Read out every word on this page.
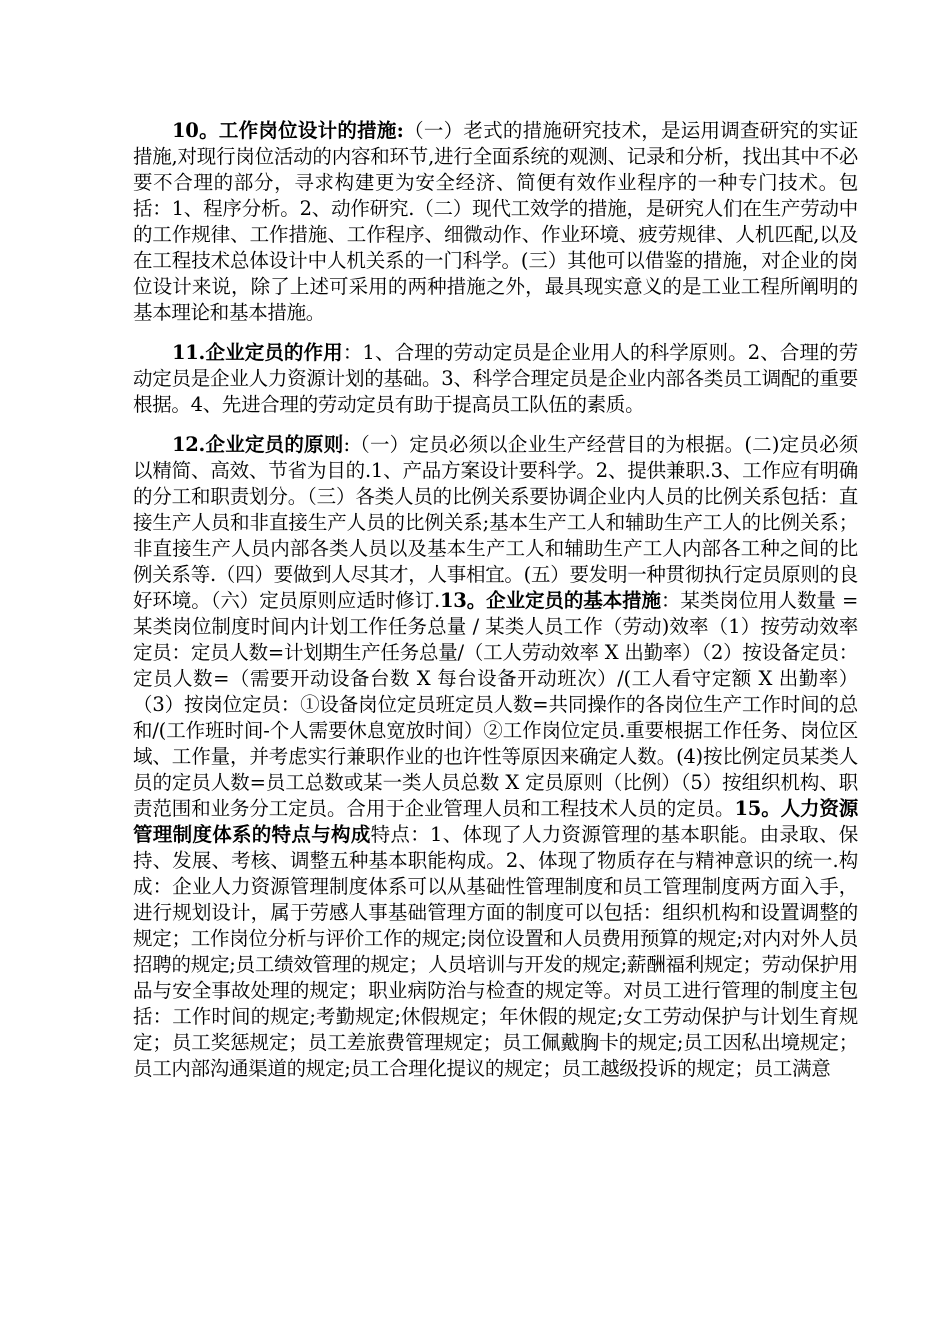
10。工作岗位设计的措施:（一）老式的措施研究技术，是运用调查研究的实证措施,对现行岗位活动的内容和环节,进行全面系统的观测、记录和分析，找出其中不必要不合理的部分，寻求构建更为安全经济、简便有效作业程序的一种专门技术。包括：1、程序分析。2、动作研究.（二）现代工效学的措施，是研究人们在生产劳动中的工作规律、工作措施、工作程序、细微动作、作业环境、疲劳规律、人机匹配,以及在工程技术总体设计中人机关系的一门科学。(三）其他可以借鉴的措施，对企业的岗位设计来说，除了上述可采用的两种措施之外，最具现实意义的是工业工程所阐明的基本理论和基本措施。

11.企业定员的作用：1、合理的劳动定员是企业用人的科学原则。2、合理的劳动定员是企业人力资源计划的基础。3、科学合理定员是企业内部各类员工调配的重要根据。4、先进合理的劳动定员有助于提高员工队伍的素质。

12.企业定员的原则:（一）定员必须以企业生产经营目的为根据。(二)定员必须以精简、高效、节省为目的.1、产品方案设计要科学。2、提供兼职.3、工作应有明确的分工和职责划分。（三）各类人员的比例关系要协调企业内人员的比例关系包括：直接生产人员和非直接生产人员的比例关系;基本生产工人和辅助生产工人的比例关系；非直接生产人员内部各类人员以及基本生产工人和辅助生产工人内部各工种之间的比例关系等.（四）要做到人尽其才，人事相宜。(五）要发明一种贯彻执行定员原则的良好环境。（六）定员原则应适时修订.13。企业定员的基本措施：某类岗位用人数量 = 某类岗位制度时间内计划工作任务总量 / 某类人员工作（劳动)效率（1）按劳动效率定员：定员人数=计划期生产任务总量/（工人劳动效率 X 出勤率）（2）按设备定员：定员人数=（需要开动设备台数 X 每台设备开动班次）/(工人看守定额 X 出勤率）（3）按岗位定员：①设备岗位定员班定员人数=共同操作的各岗位生产工作时间的总和/(工作班时间-个人需要休息宽放时间）②工作岗位定员.重要根据工作任务、岗位区域、工作量，并考虑实行兼职作业的也许性等原因来确定人数。(4)按比例定员某类人员的定员人数=员工总数或某一类人员总数 X 定员原则（比例）（5）按组织机构、职责范围和业务分工定员。合用于企业管理人员和工程技术人员的定员。15。人力资源管理制度体系的特点与构成特点：1、体现了人力资源管理的基本职能。由录取、保持、发展、考核、调整五种基本职能构成。2、体现了物质存在与精神意识的统一.构成：企业人力资源管理制度体系可以从基础性管理制度和员工管理制度两方面入手，进行规划设计，属于劳感人事基础管理方面的制度可以包括：组织机构和设置调整的规定；工作岗位分析与评价工作的规定;岗位设置和人员费用预算的规定;对内对外人员招聘的规定;员工绩效管理的规定；人员培训与开发的规定;薪酬福利规定；劳动保护用品与安全事故处理的规定；职业病防治与检查的规定等。对员工进行管理的制度主包括：工作时间的规定;考勤规定;休假规定；年休假的规定;女工劳动保护与计划生育规定；员工奖惩规定；员工差旅费管理规定；员工佩戴胸卡的规定;员工因私出境规定；员工内部沟通渠道的规定;员工合理化提议的规定；员工越级投诉的规定；员工满意
